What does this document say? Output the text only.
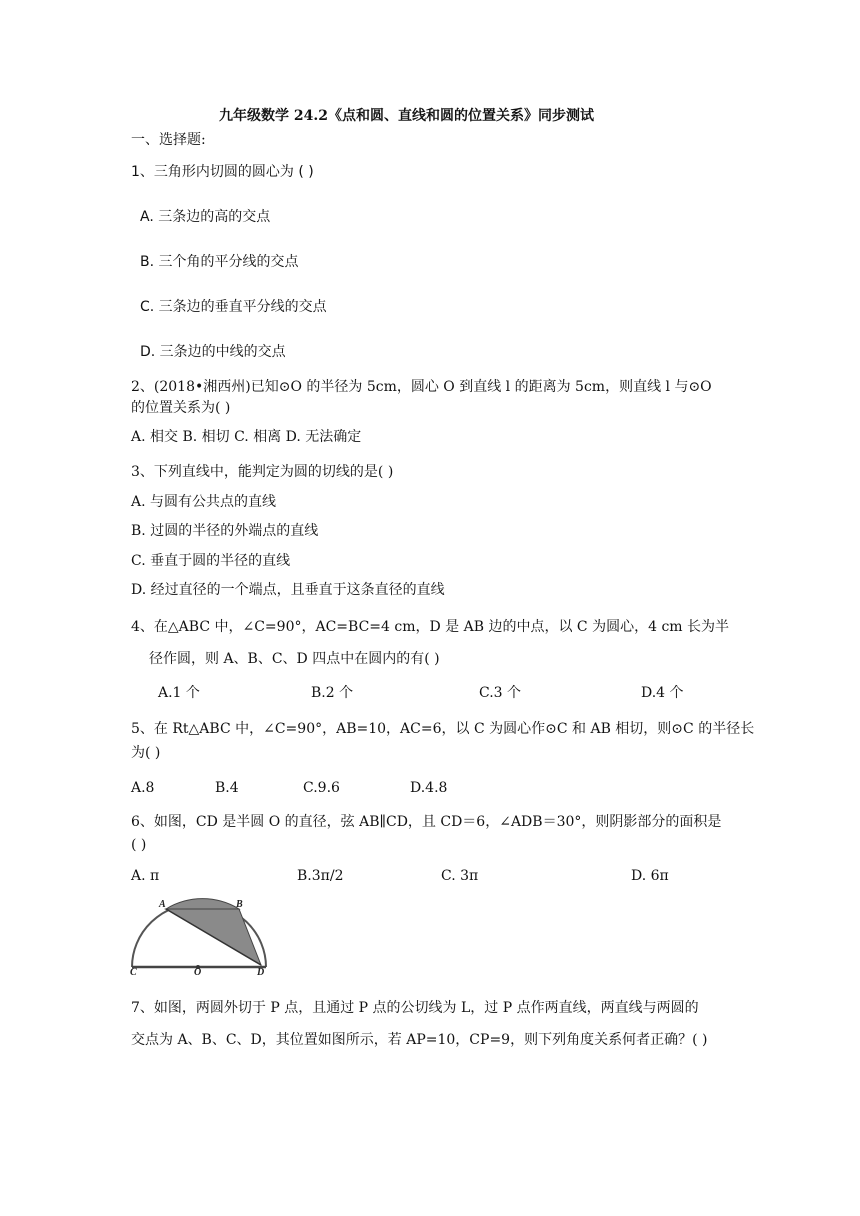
九年级数学 24.2《点和圆、直线和圆的位置关系》同步测试
一、选择题:
1、三角形内切圆的圆心为 ( )
A. 三条边的高的交点
B. 三个角的平分线的交点
C. 三条边的垂直平分线的交点
D. 三条边的中线的交点
2、(2018•湘西州)已知⊙O 的半径为 5cm，圆心 O 到直线 l 的距离为 5cm，则直线 l 与⊙O
的位置关系为( )
A. 相交 B. 相切 C. 相离 D. 无法确定
3、下列直线中，能判定为圆的切线的是( )
A. 与圆有公共点的直线
B. 过圆的半径的外端点的直线
C. 垂直于圆的半径的直线
D. 经过直径的一个端点，且垂直于这条直径的直线
4、在△ABC 中，∠C=90°，AC=BC=4 cm，D 是 AB 边的中点，以 C 为圆心，4 cm 长为半
径作圆，则 A、B、C、D 四点中在圆内的有( )
A.1 个	B.2 个	C.3 个	D.4 个
5、在 Rt△ABC 中，∠C=90°，AB=10，AC=6，以 C 为圆心作⊙C 和 AB 相切，则⊙C 的半径长
为( )
A.8	B.4	C.9.6	D.4.8
6、如图，CD 是半圆 O 的直径，弦 AB∥CD，且 CD＝6，∠ADB＝30°，则阴影部分的面积是
( )
A. π	B.3π/2	C. 3π	D. 6π
A	B
C	O	D
7、如图，两圆外切于 P 点，且通过 P 点的公切线为 L，过 P 点作两直线，两直线与两圆的
交点为 A、B、C、D，其位置如图所示，若 AP=10，CP=9，则下列角度关系何者正确？( )
